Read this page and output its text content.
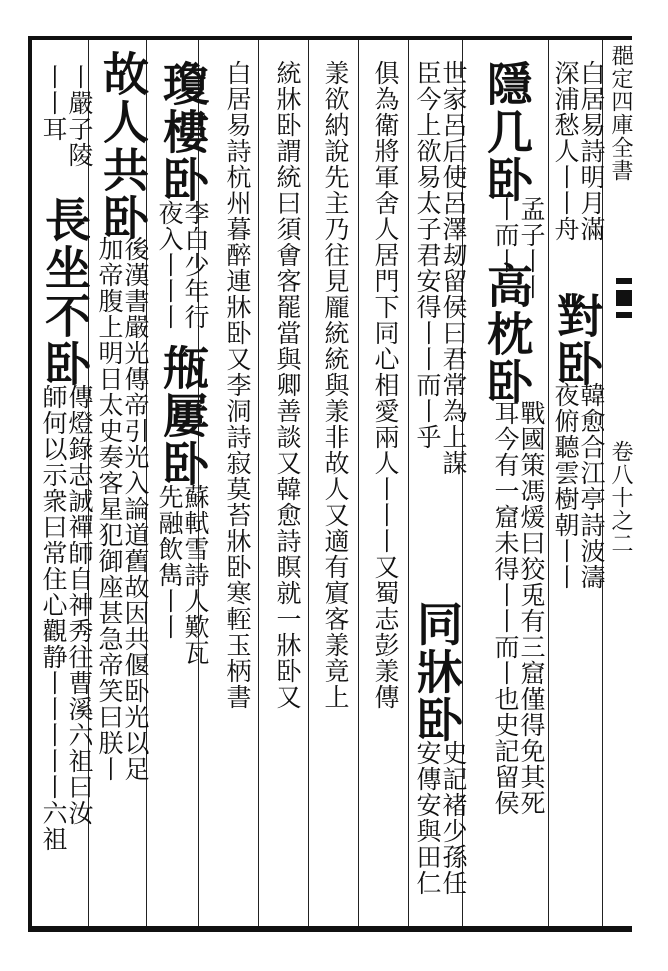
𨛦定四庫全書
卷八十之二
白居易詩明月滿
深浦愁人丨丨舟
對卧
韓愈合江亭詩波濤
夜俯聽雲樹朝丨丨
隱几卧
孟子丨丨
丨而丨
高枕卧
戰國策馮煖曰狡兎有三窟僅得免其死
耳今有一窟未得丨丨而丨也史記留侯
世家呂后使呂澤刼留侯曰君常為上謀
臣今上欲易太子君安得丨丨而丨乎
同牀卧
史記褚少孫任
安傳安與田仁
俱為衛將軍舍人居門下同心相愛兩人丨丨丨又蜀志彭羕傳
羕欲納說先主乃往見龎統統與羕非故人又適有賔客羕竟上
統牀卧謂統曰須㑹客罷當與卿善談又韓愈詩瞑就一牀卧又
白居易詩杭州暮醉連牀卧又李洞詩寂莫苔牀卧寒䡖玉柄書
瓊樓卧
李白少年行
夜入丨丨丨
甁屢卧
蘇軾雪詩人歎瓦
先融飲雋丨丨
故人共卧
後漢書嚴光傳帝引光入論道舊故因共偃卧光以足
加帝腹上明日太史奏客星犯御座甚急帝笑曰朕丨
丨嚴子陵
丨丨耳
長坐不卧
傳燈錄志誠禪師自神秀往曹溪六祖曰汝
師何以示衆曰常住心觀静丨丨丨丨丨六祖
